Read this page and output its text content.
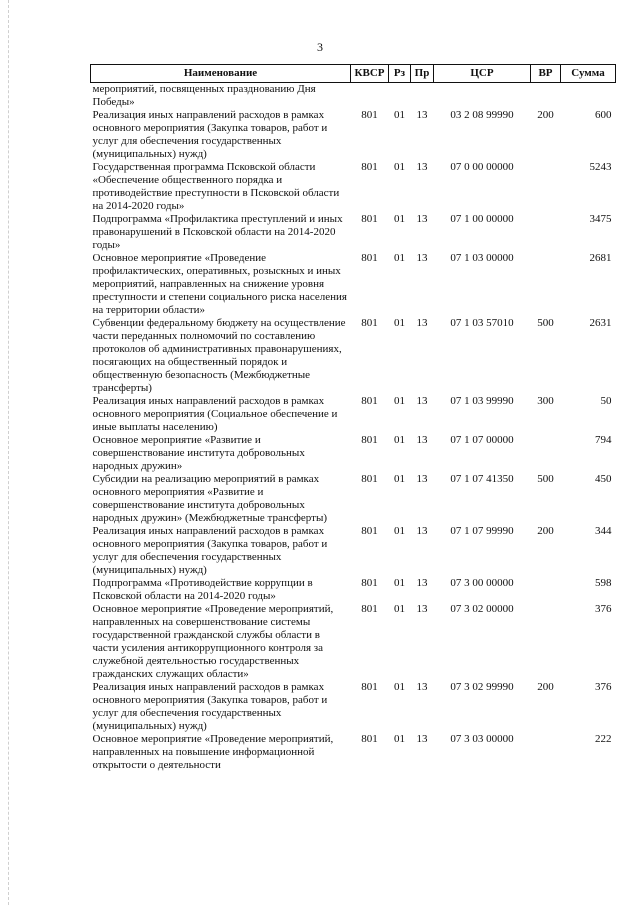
3
Наименование	КВСР	Рз	Пр	ЦСР	ВР	Сумма
мероприятий, посвященных празднованию Дня Победы»						
Реализация иных направлений расходов в рамках основного мероприятия (Закупка товаров, работ и услуг для обеспечения государственных (муниципальных) нужд)	801	01	13	03 2 08 99990	200	600
Государственная программа Псковской области «Обеспечение общественного порядка и противодействие преступности в Псковской области на 2014-2020 годы»	801	01	13	07 0 00 00000		5243
Подпрограмма «Профилактика преступлений и иных правонарушений в Псковской области на 2014-2020 годы»	801	01	13	07 1 00 00000		3475
Основное мероприятие «Проведение профилактических, оперативных, розыскных и иных мероприятий, направленных на снижение уровня преступности и степени социального риска населения на территории области»	801	01	13	07 1 03 00000		2681
Субвенции федеральному бюджету на осуществление части переданных полномочий по составлению протоколов об административных правонарушениях, посягающих на общественный порядок и общественную безопасность (Межбюджетные трансферты)	801	01	13	07 1 03 57010	500	2631
Реализация иных направлений расходов в рамках основного мероприятия (Социальное обеспечение и иные выплаты населению)	801	01	13	07 1 03 99990	300	50
Основное мероприятие «Развитие и совершенствование института добровольных народных дружин»	801	01	13	07 1 07 00000		794
Субсидии на реализацию мероприятий в рамках основного мероприятия «Развитие и совершенствование института добровольных народных дружин» (Межбюджетные трансферты)	801	01	13	07 1 07 41350	500	450
Реализация иных направлений расходов в рамках основного мероприятия (Закупка товаров, работ и услуг для обеспечения государственных (муниципальных) нужд)	801	01	13	07 1 07 99990	200	344
Подпрограмма «Противодействие коррупции в Псковской области на 2014-2020 годы»	801	01	13	07 3 00 00000		598
Основное мероприятие «Проведение мероприятий, направленных на совершенствование системы государственной гражданской службы области в части усиления антикоррупционного контроля за служебной деятельностью государственных гражданских служащих области»	801	01	13	07 3 02 00000		376
Реализация иных направлений расходов в рамках основного мероприятия (Закупка товаров, работ и услуг для обеспечения государственных (муниципальных) нужд)	801	01	13	07 3 02 99990	200	376
Основное мероприятие «Проведение мероприятий, направленных на повышение информационной открытости о деятельности	801	01	13	07 3 03 00000		222
